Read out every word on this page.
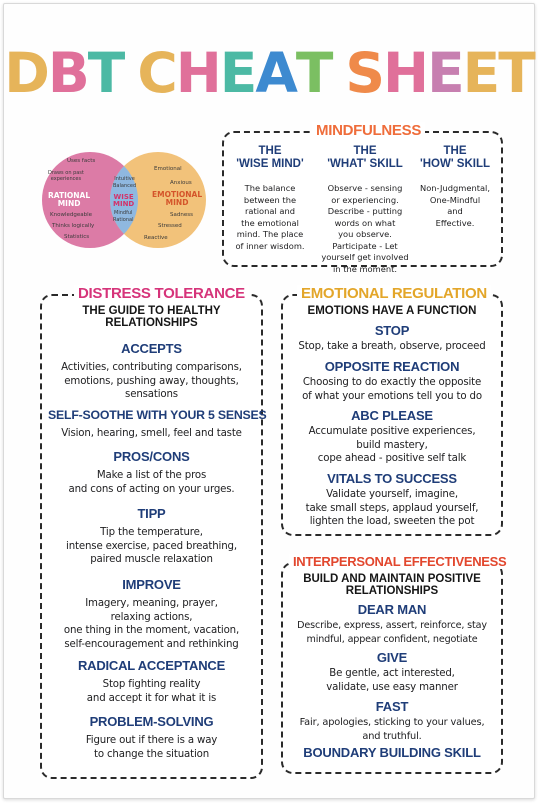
DBT CHEAT SHEET
Uses facts
Draws on past
experiences
RATIONAL
MIND
Knowledgeable
Thinks logically
Statistics
Intuitive
Balanced
WISE
MIND
Mindful
Rational
Emotional
Anxious
EMOTIONAL
MIND
Sadness
Stressed
Reactive
MINDFULNESS
THE
'WISE MIND'
The balance
between the
rational and
the emotional
mind. The place
of inner wisdom.
THE
'WHAT' SKILL
Observe - sensing
or experiencing.
Describe - putting
words on what
you observe.
Participate - Let
yourself get involved
in the moment.
THE
'HOW' SKILL
Non-Judgmental,
One-Mindful
and
Effective.
DISTRESS TOLERANCE
THE GUIDE TO HEALTHY
RELATIONSHIPS
ACCEPTS
Activities, contributing comparisons,
emotions, pushing away, thoughts,
sensations
SELF-SOOTHE WITH YOUR 5 SENSES
Vision, hearing, smell, feel and taste
PROS/CONS
Make a list of the pros
and cons of acting on your urges.
TIPP
Tip the temperature,
intense exercise, paced breathing,
paired muscle relaxation
IMPROVE
Imagery, meaning, prayer,
relaxing actions,
one thing in the moment, vacation,
self-encouragement and rethinking
RADICAL ACCEPTANCE
Stop fighting reality
and accept it for what it is
PROBLEM-SOLVING
Figure out if there is a way
to change the situation
EMOTIONAL REGULATION
EMOTIONS HAVE A FUNCTION
STOP
Stop, take a breath, observe, proceed
OPPOSITE REACTION
Choosing to do exactly the opposite
of what your emotions tell you to do
ABC PLEASE
Accumulate positive experiences,
build mastery,
cope ahead - positive self talk
VITALS TO SUCCESS
Validate yourself, imagine,
take small steps, applaud yourself,
lighten the load, sweeten the pot
INTERPERSONAL EFFECTIVENESS
BUILD AND MAINTAIN POSITIVE
RELATIONSHIPS
DEAR MAN
Describe, express, assert, reinforce, stay
mindful, appear confident, negotiate
GIVE
Be gentle, act interested,
validate, use easy manner
FAST
Fair, apologies, sticking to your values,
and truthful.
BOUNDARY BUILDING SKILL
